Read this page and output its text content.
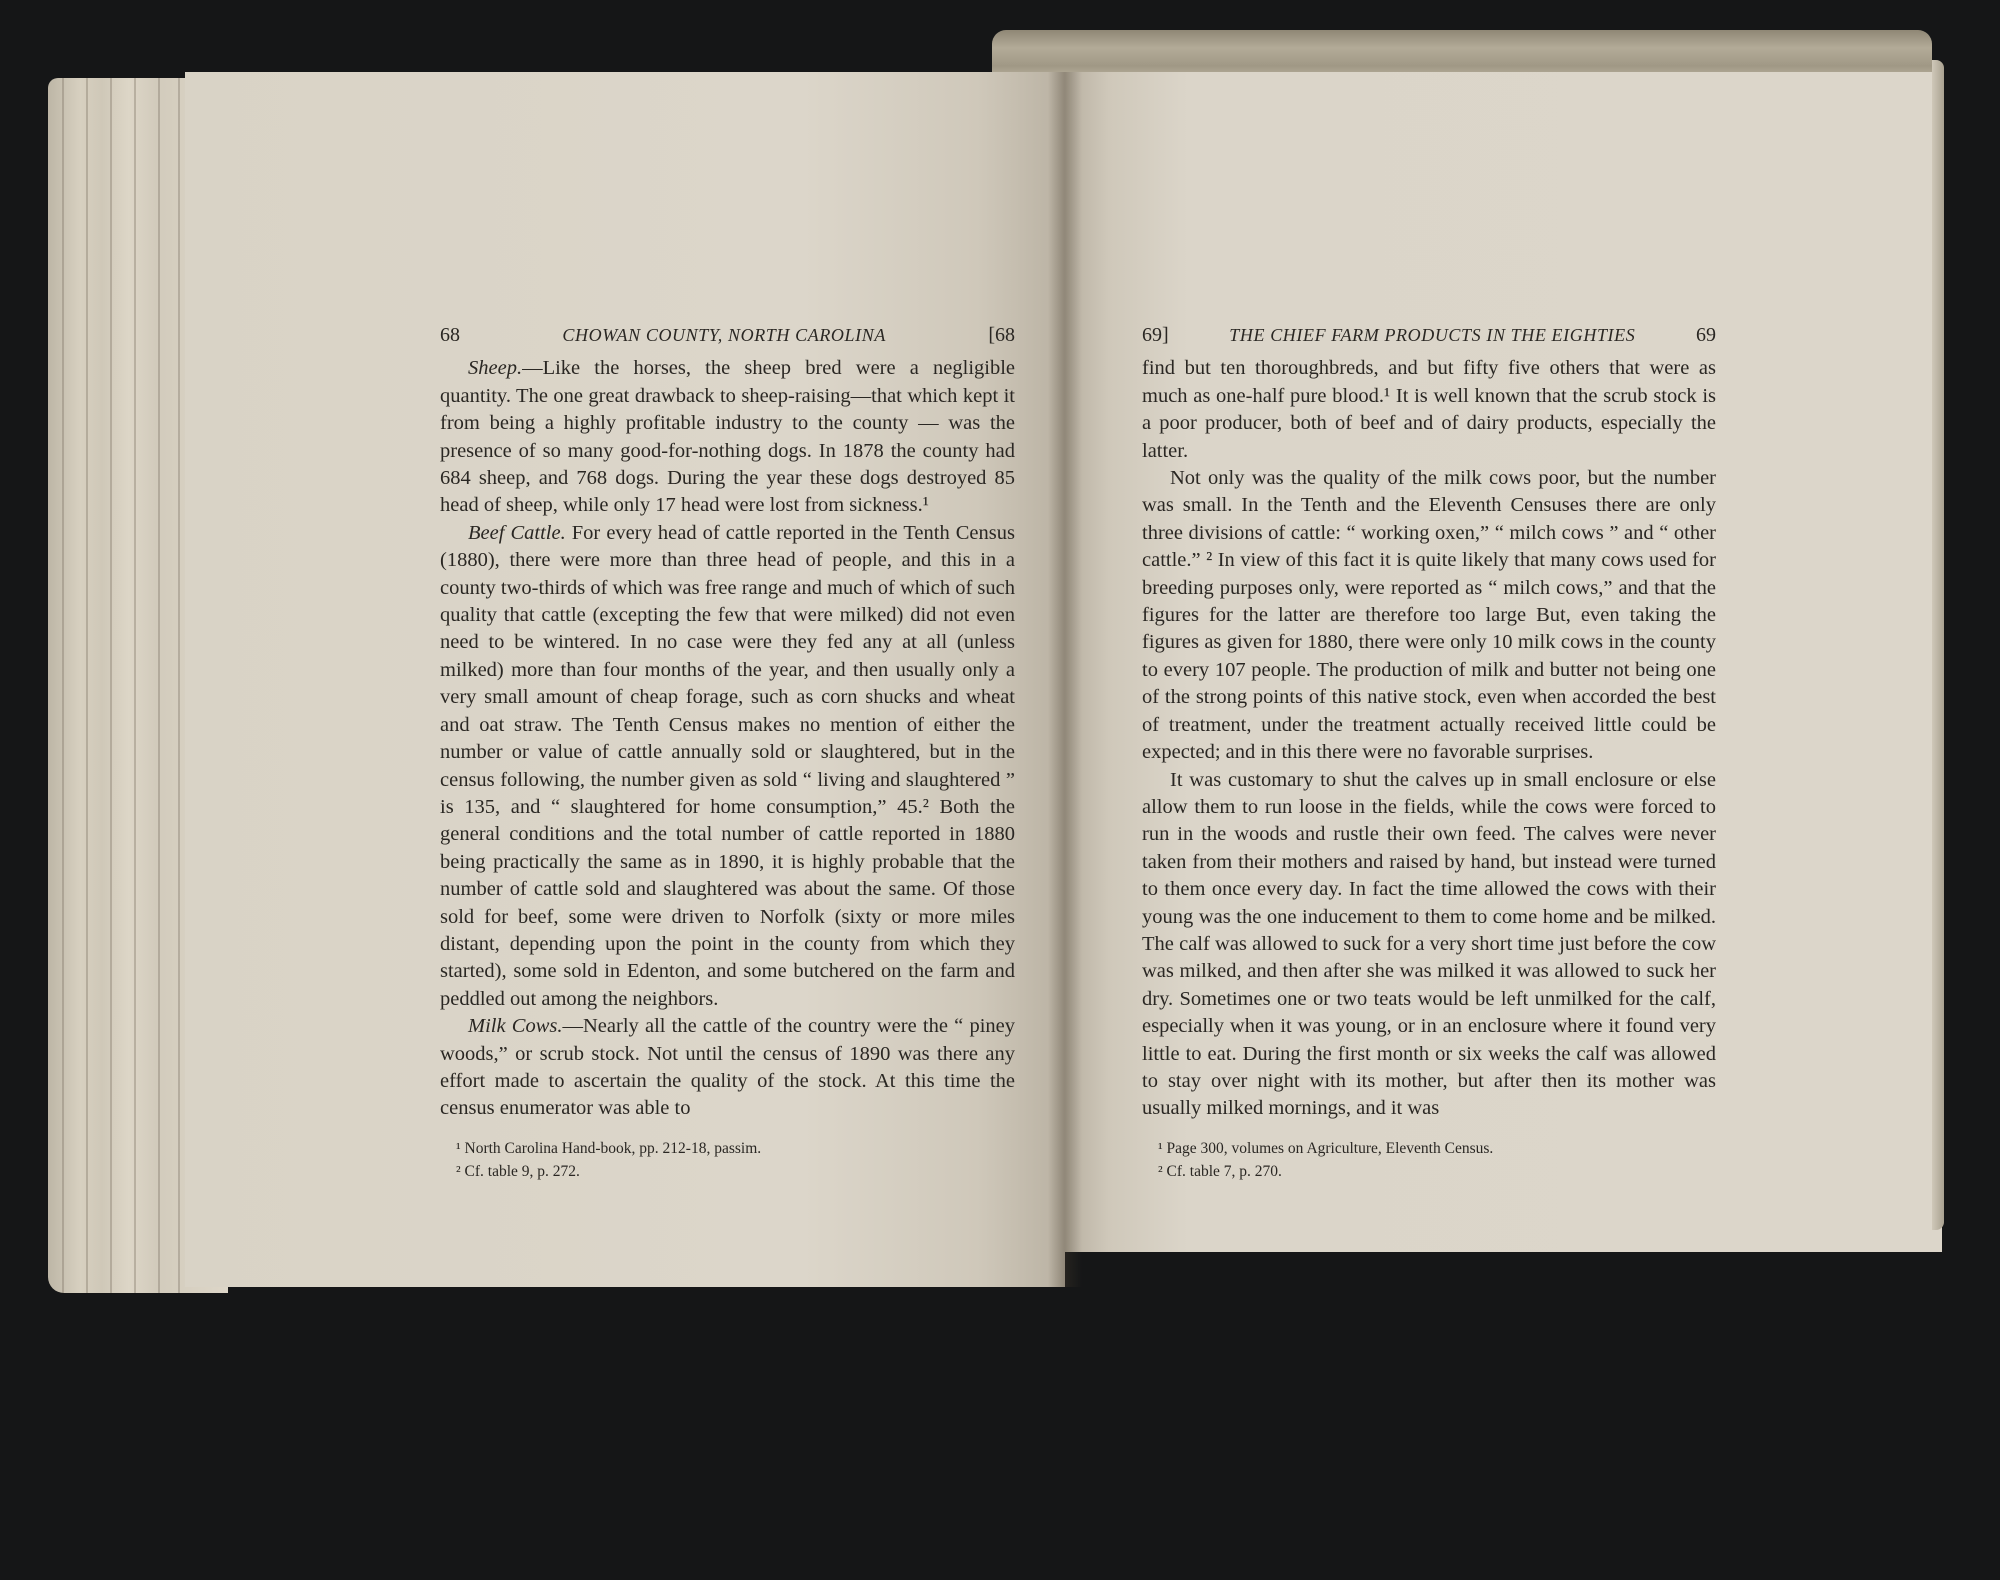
68	CHOWAN COUNTY, NORTH CAROLINA	[68

Sheep.—Like the horses, the sheep bred were a negligible quantity. The one great drawback to sheep-raising—that which kept it from being a highly profitable industry to the county — was the presence of so many good-for-nothing dogs. In 1878 the county had 684 sheep, and 768 dogs. During the year these dogs destroyed 85 head of sheep, while only 17 head were lost from sickness.¹

Beef Cattle. For every head of cattle reported in the Tenth Census (1880), there were more than three head of people, and this in a county two-thirds of which was free range and much of which of such quality that cattle (excepting the few that were milked) did not even need to be wintered. In no case were they fed any at all (unless milked) more than four months of the year, and then usually only a very small amount of cheap forage, such as corn shucks and wheat and oat straw. The Tenth Census makes no mention of either the number or value of cattle annually sold or slaughtered, but in the census following, the number given as sold “ living and slaughtered ” is 135, and “ slaughtered for home consumption,” 45.² Both the general conditions and the total number of cattle reported in 1880 being practically the same as in 1890, it is highly probable that the number of cattle sold and slaughtered was about the same. Of those sold for beef, some were driven to Norfolk (sixty or more miles distant, depending upon the point in the county from which they started), some sold in Edenton, and some butchered on the farm and peddled out among the neighbors.

Milk Cows.—Nearly all the cattle of the country were the “ piney woods,” or scrub stock. Not until the census of 1890 was there any effort made to ascertain the quality of the stock. At this time the census enumerator was able to

¹ North Carolina Hand-book, pp. 212-18, passim.
² Cf. table 9, p. 272.
69]	THE CHIEF FARM PRODUCTS IN THE EIGHTIES	69

find but ten thoroughbreds, and but fifty five others that were as much as one-half pure blood.¹ It is well known that the scrub stock is a poor producer, both of beef and of dairy products, especially the latter.

Not only was the quality of the milk cows poor, but the number was small. In the Tenth and the Eleventh Censuses there are only three divisions of cattle: “ working oxen,” “ milch cows ” and “ other cattle.” ² In view of this fact it is quite likely that many cows used for breeding purposes only, were reported as “ milch cows,” and that the figures for the latter are therefore too large But, even taking the figures as given for 1880, there were only 10 milk cows in the county to every 107 people. The production of milk and butter not being one of the strong points of this native stock, even when accorded the best of treatment, under the treatment actually received little could be expected; and in this there were no favorable surprises.

It was customary to shut the calves up in small enclosure or else allow them to run loose in the fields, while the cows were forced to run in the woods and rustle their own feed. The calves were never taken from their mothers and raised by hand, but instead were turned to them once every day. In fact the time allowed the cows with their young was the one inducement to them to come home and be milked. The calf was allowed to suck for a very short time just before the cow was milked, and then after she was milked it was allowed to suck her dry. Sometimes one or two teats would be left unmilked for the calf, especially when it was young, or in an enclosure where it found very little to eat. During the first month or six weeks the calf was allowed to stay over night with its mother, but after then its mother was usually milked mornings, and it was

¹ Page 300, volumes on Agriculture, Eleventh Census.
² Cf. table 7, p. 270.
